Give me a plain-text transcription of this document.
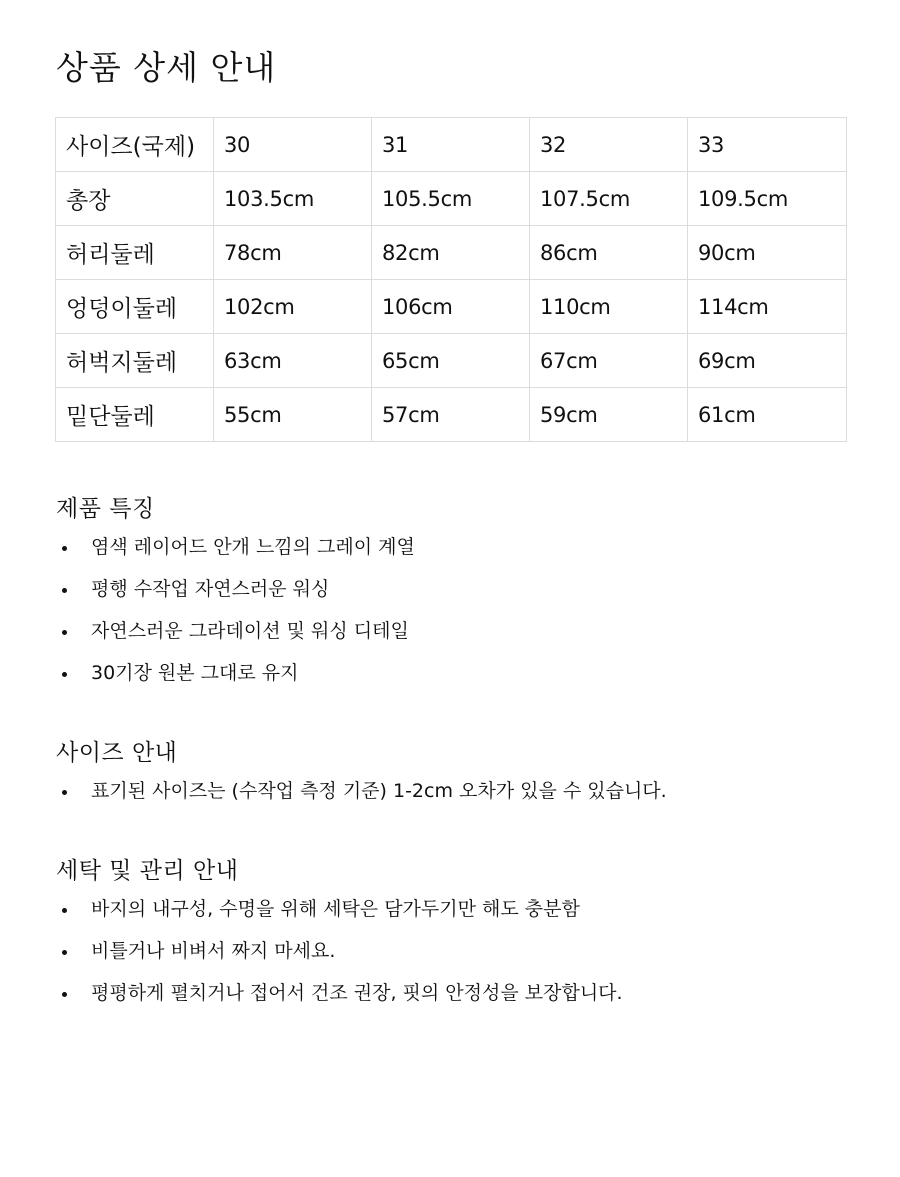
상품 상세 안내
사이즈(국제)	30	31	32	33
총장	103.5cm	105.5cm	107.5cm	109.5cm
허리둘레	78cm	82cm	86cm	90cm
엉덩이둘레	102cm	106cm	110cm	114cm
허벅지둘레	63cm	65cm	67cm	69cm
밑단둘레	55cm	57cm	59cm	61cm
제품 특징
염색 레이어드 안개 느낌의 그레이 계열
평행 수작업 자연스러운 워싱
자연스러운 그라데이션 및 워싱 디테일
30기장 원본 그대로 유지
사이즈 안내
표기된 사이즈는 (수작업 측정 기준) 1-2cm 오차가 있을 수 있습니다.
세탁 및 관리 안내
바지의 내구성, 수명을 위해 세탁은 담가두기만 해도 충분함
비틀거나 비벼서 짜지 마세요.
평평하게 펼치거나 접어서 건조 권장, 핏의 안정성을 보장합니다.
